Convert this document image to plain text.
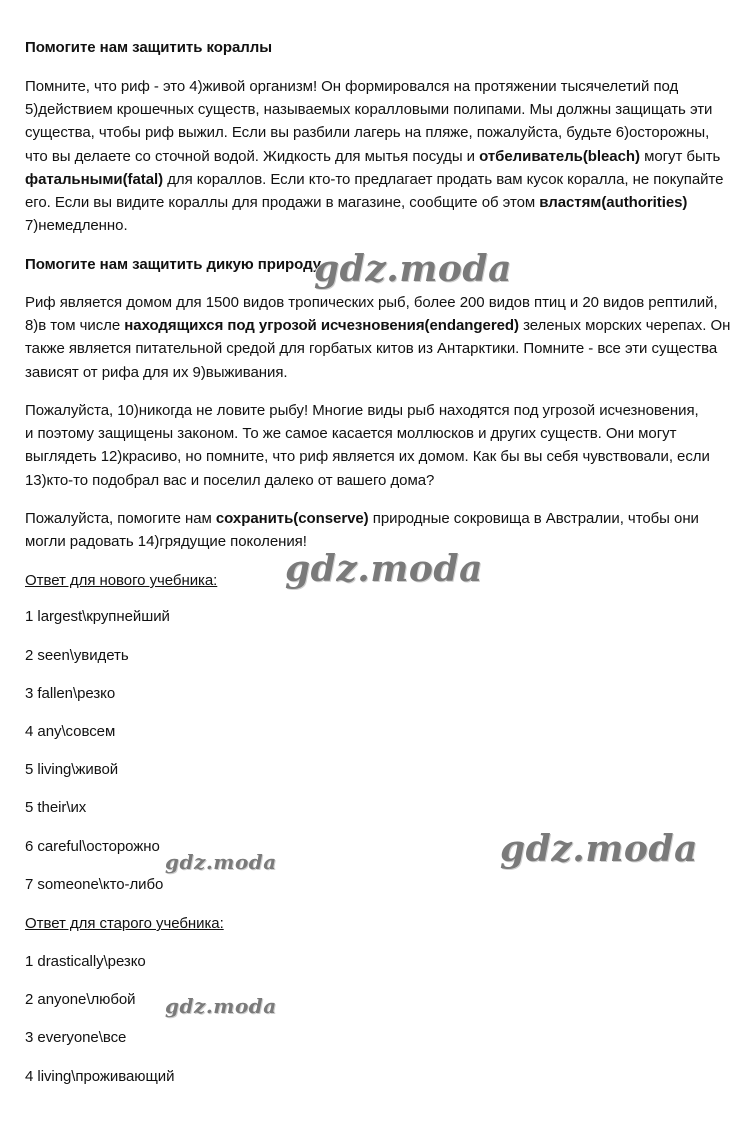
Помогите нам защитить кораллы

Помните, что риф - это 4)живой организм! Он формировался на протяжении тысячелетий под
5)действием крошечных существ, называемых коралловыми полипами. Мы должны защищать эти
существа, чтобы риф выжил. Если вы разбили лагерь на пляже, пожалуйста, будьте 6)осторожны,
что вы делаете со сточной водой. Жидкость для мытья посуды и отбеливатель(bleach) могут быть
фатальными(fatal) для кораллов. Если кто-то предлагает продать вам кусок коралла, не покупайте
его. Если вы видите кораллы для продажи в магазине, сообщите об этом властям(authorities)
7)немедленно.

Помогите нам защитить дикую природу

Риф является домом для 1500 видов тропических рыб, более 200 видов птиц и 20 видов рептилий,
8)в том числе находящихся под угрозой исчезновения(endangered) зеленых морских черепах. Он
также является питательной средой для горбатых китов из Антарктики. Помните - все эти существа
зависят от рифа для их 9)выживания.
Пожалуйста, 10)никогда не ловите рыбу! Многие виды рыб находятся под угрозой исчезновения,
и поэтому защищены законом. То же самое касается моллюсков и других существ. Они могут
выглядеть 12)красиво, но помните, что риф является их домом. Как бы вы себя чувствовали, если
13)кто-то подобрал вас и поселил далеко от вашего дома?
Пожалуйста, помогите нам сохранить(conserve) природные сокровища в Австралии, чтобы они
могли радовать 14)грядущие поколения!

Ответ для нового учебника:

1 largest\крупнейший

2 seen\увидеть

3 fallen\резко

4 any\совсем

5 living\живой

5 their\их

6 careful\осторожно

7 someone\кто-либо

Ответ для старого учебника:

1 drastically\резко

2 anyone\любой

3 everyone\все

4 living\проживающий

gdz.moda
gdz.moda
gdz.moda
gdz.moda
gdz.moda
